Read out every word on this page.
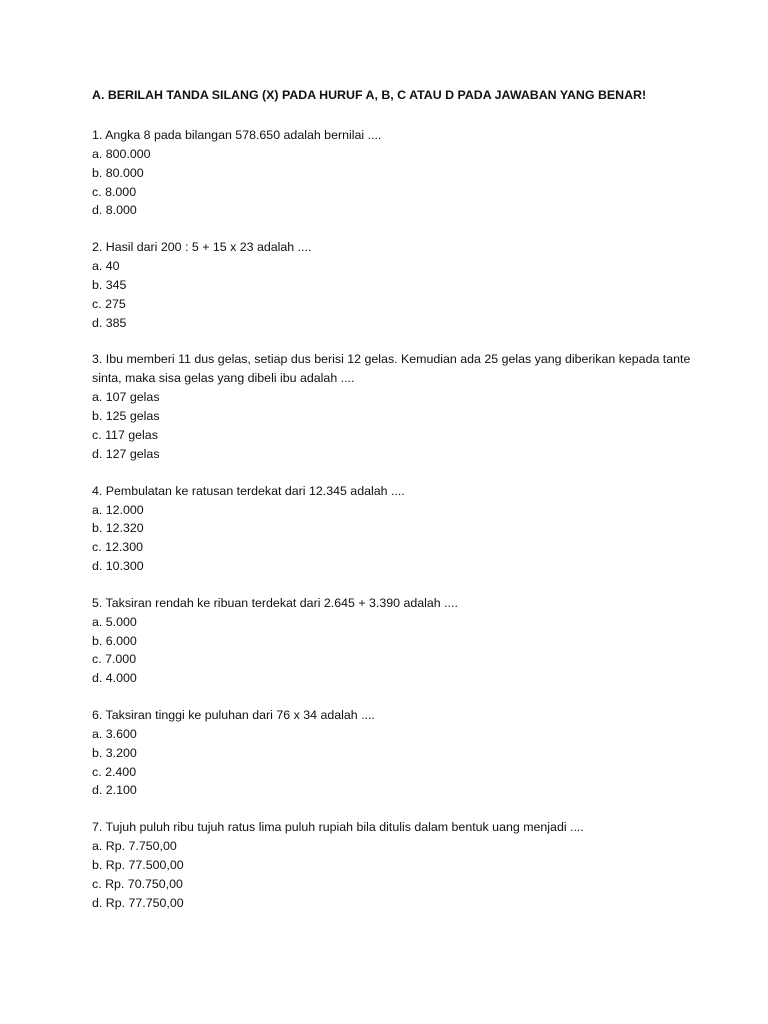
A. BERILAH TANDA SILANG (X) PADA HURUF A, B, C ATAU D PADA JAWABAN YANG BENAR!

1. Angka 8 pada bilangan 578.650 adalah bernilai ....

a. 800.000
b. 80.000
c. 8.000
d. 8.000

2. Hasil dari 200 : 5 + 15 x 23 adalah ....

a. 40
b. 345
c. 275
d. 385

3. Ibu memberi 11 dus gelas, setiap dus berisi 12 gelas. Kemudian ada 25 gelas yang diberikan kepada tante sinta, maka sisa gelas yang dibeli ibu adalah ....

a. 107 gelas
b. 125 gelas
c. 117 gelas
d. 127 gelas

4. Pembulatan ke ratusan terdekat dari 12.345 adalah ....

a. 12.000
b. 12.320
c. 12.300
d. 10.300

5. Taksiran rendah ke ribuan terdekat dari 2.645 + 3.390 adalah ....

a. 5.000
b. 6.000
c. 7.000
d. 4.000

6. Taksiran tinggi ke puluhan dari 76 x 34 adalah ....

a. 3.600
b. 3.200
c. 2.400
d. 2.100

7. Tujuh puluh ribu tujuh ratus lima puluh rupiah bila ditulis dalam bentuk uang menjadi ....

a. Rp. 7.750,00
b. Rp. 77.500,00
c. Rp. 70.750,00
d. Rp. 77.750,00
